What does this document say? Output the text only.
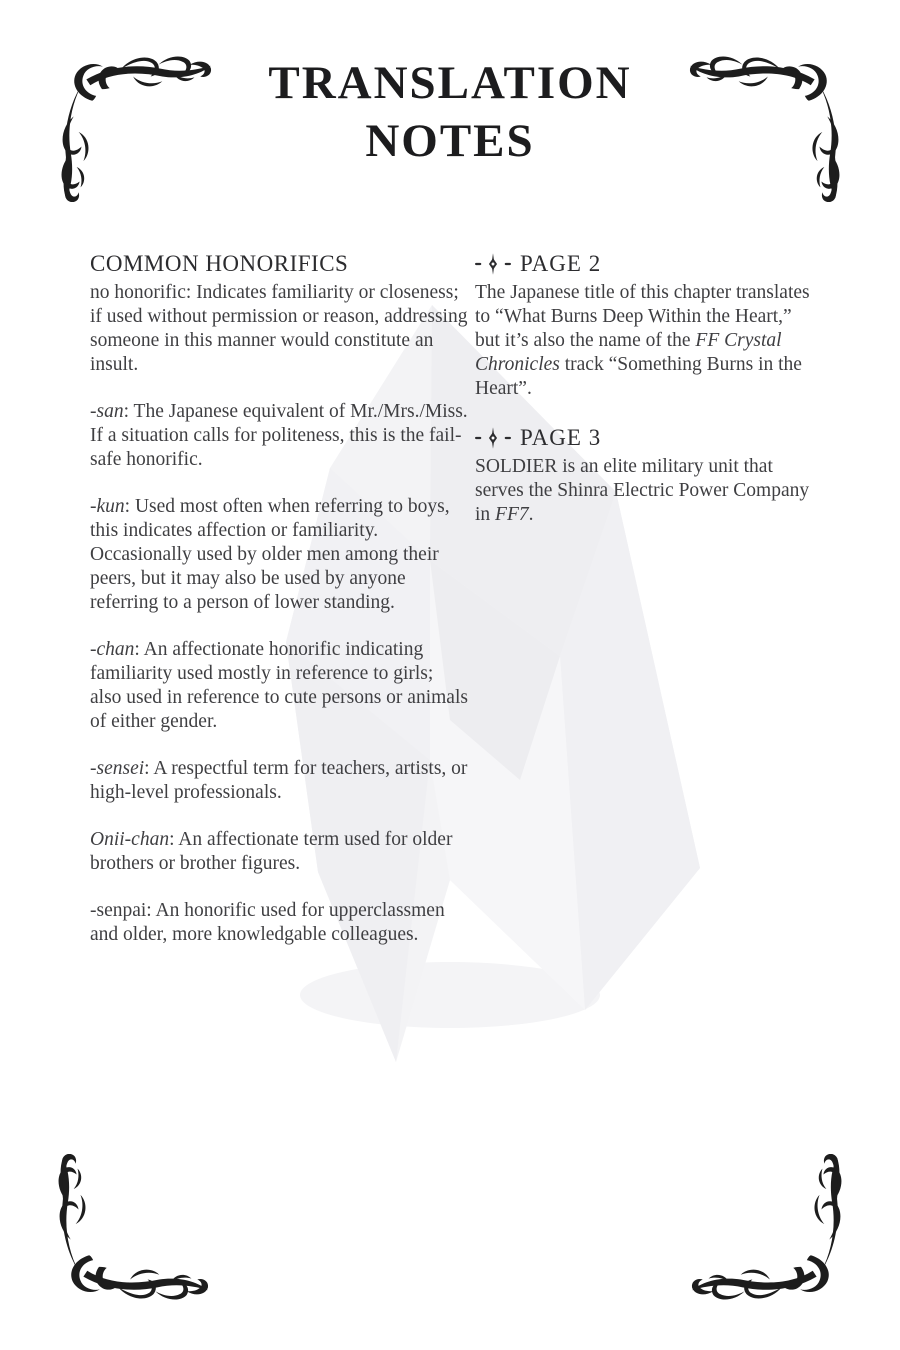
TRANSLATION
NOTES
COMMON HONORIFICS

no honorific: Indicates familiarity or closeness; if used without permission or reason, addressing someone in this manner would constitute an insult.

-san: The Japanese equivalent of Mr./Mrs./​Miss. If a situation calls for politeness, this is the fail-safe honorific.

-kun: Used most often when referring to boys, this indicates affection or familiarity. Occasionally used by older men among their peers, but it may also be used by anyone referring to a person of lower standing.

-chan: An affectionate honorific indicating familiarity used mostly in reference to girls; also used in reference to cute persons or animals of either gender.

-sensei: A respectful term for teachers, artists, or high-level professionals.

Onii-chan: An affectionate term used for older brothers or brother figures.

-senpai: An honorific used for upperclassmen and older, more knowledgable colleagues.

PAGE 2

The Japanese title of this chapter translates to “What Burns Deep Within the Heart,” but it’s also the name of the FF Crystal Chronicles track “Something Burns in the Heart”.

PAGE 3

SOLDIER is an elite military unit that serves the Shinra Electric Power Company in FF7.
